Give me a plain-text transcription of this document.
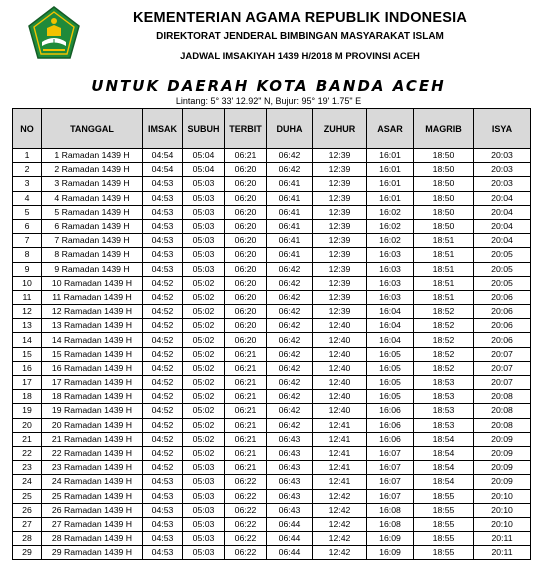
KEMENTERIAN AGAMA REPUBLIK INDONESIA
DIREKTORAT JENDERAL BIMBINGAN MASYARAKAT ISLAM
JADWAL IMSAKIYAH 1439 H/2018 M PROVINSI ACEH
UNTUK DAERAH KOTA BANDA ACEH
Lintang: 5° 33' 12.92" N, Bujur: 95° 19' 1.75" E
NO	TANGGAL	IMSAK	SUBUH	TERBIT	DUHA	ZUHUR	ASAR	MAGRIB	ISYA
1	1 Ramadan 1439 H	04:54	05:04	06:21	06:42	12:39	16:01	18:50	20:03
2	2 Ramadan 1439 H	04:54	05:04	06:20	06:42	12:39	16:01	18:50	20:03
3	3 Ramadan 1439 H	04:53	05:03	06:20	06:41	12:39	16:01	18:50	20:03
4	4 Ramadan 1439 H	04:53	05:03	06:20	06:41	12:39	16:01	18:50	20:04
5	5 Ramadan 1439 H	04:53	05:03	06:20	06:41	12:39	16:02	18:50	20:04
6	6 Ramadan 1439 H	04:53	05:03	06:20	06:41	12:39	16:02	18:50	20:04
7	7 Ramadan 1439 H	04:53	05:03	06:20	06:41	12:39	16:02	18:51	20:04
8	8 Ramadan 1439 H	04:53	05:03	06:20	06:41	12:39	16:03	18:51	20:05
9	9 Ramadan 1439 H	04:53	05:03	06:20	06:42	12:39	16:03	18:51	20:05
10	10 Ramadan 1439 H	04:52	05:02	06:20	06:42	12:39	16:03	18:51	20:05
11	11 Ramadan 1439 H	04:52	05:02	06:20	06:42	12:39	16:03	18:51	20:06
12	12 Ramadan 1439 H	04:52	05:02	06:20	06:42	12:39	16:04	18:52	20:06
13	13 Ramadan 1439 H	04:52	05:02	06:20	06:42	12:40	16:04	18:52	20:06
14	14 Ramadan 1439 H	04:52	05:02	06:20	06:42	12:40	16:04	18:52	20:06
15	15 Ramadan 1439 H	04:52	05:02	06:21	06:42	12:40	16:05	18:52	20:07
16	16 Ramadan 1439 H	04:52	05:02	06:21	06:42	12:40	16:05	18:52	20:07
17	17 Ramadan 1439 H	04:52	05:02	06:21	06:42	12:40	16:05	18:53	20:07
18	18 Ramadan 1439 H	04:52	05:02	06:21	06:42	12:40	16:05	18:53	20:08
19	19 Ramadan 1439 H	04:52	05:02	06:21	06:42	12:40	16:06	18:53	20:08
20	20 Ramadan 1439 H	04:52	05:02	06:21	06:42	12:41	16:06	18:53	20:08
21	21 Ramadan 1439 H	04:52	05:02	06:21	06:43	12:41	16:06	18:54	20:09
22	22 Ramadan 1439 H	04:52	05:02	06:21	06:43	12:41	16:07	18:54	20:09
23	23 Ramadan 1439 H	04:52	05:03	06:21	06:43	12:41	16:07	18:54	20:09
24	24 Ramadan 1439 H	04:53	05:03	06:22	06:43	12:41	16:07	18:54	20:09
25	25 Ramadan 1439 H	04:53	05:03	06:22	06:43	12:42	16:07	18:55	20:10
26	26 Ramadan 1439 H	04:53	05:03	06:22	06:43	12:42	16:08	18:55	20:10
27	27 Ramadan 1439 H	04:53	05:03	06:22	06:44	12:42	16:08	18:55	20:10
28	28 Ramadan 1439 H	04:53	05:03	06:22	06:44	12:42	16:09	18:55	20:11
29	29 Ramadan 1439 H	04:53	05:03	06:22	06:44	12:42	16:09	18:55	20:11
